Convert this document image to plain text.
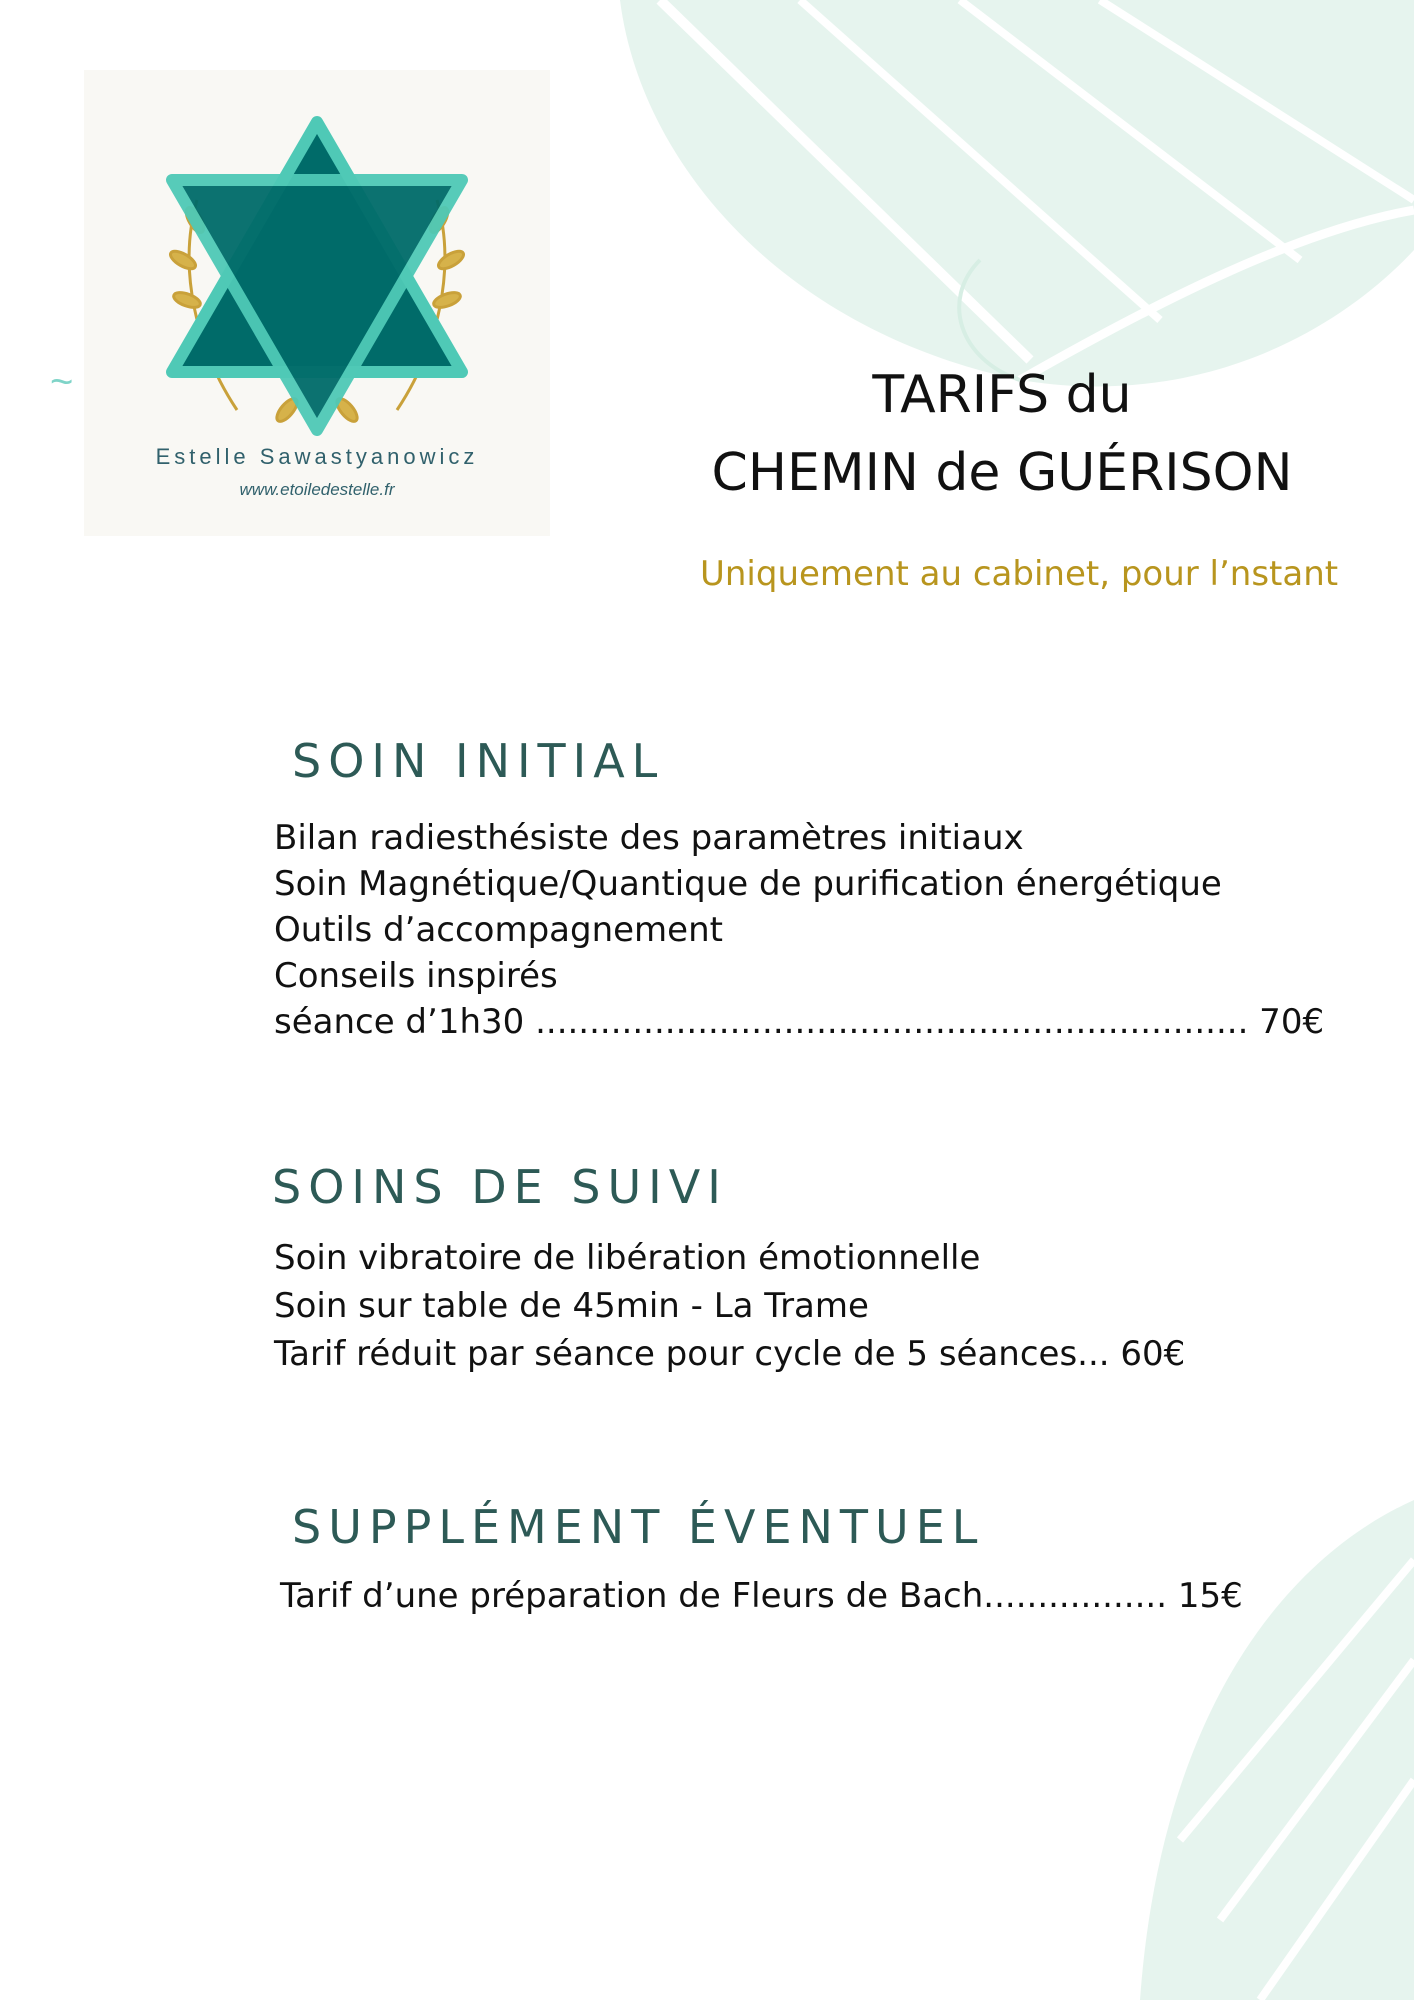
~
Estelle Sawastyanowicz
www.etoiledestelle.fr
TARIFS du
CHEMIN de GUÉRISON
Uniquement au cabinet, pour l’nstant
SOIN INITIAL
Bilan radiesthésiste des paramètres initiaux
Soin Magnétique/Quantique de purification énergétique
Outils d’accompagnement
Conseils inspirés
séance d’1h30 .................................................................. 70€
SOINS DE SUIVI
Soin vibratoire de libération émotionnelle
Soin sur table de 45min - La Trame
Tarif réduit par séance pour cycle de 5 séances... 60€
SUPPLÉMENT ÉVENTUEL
Tarif d’une préparation de Fleurs de Bach................. 15€
